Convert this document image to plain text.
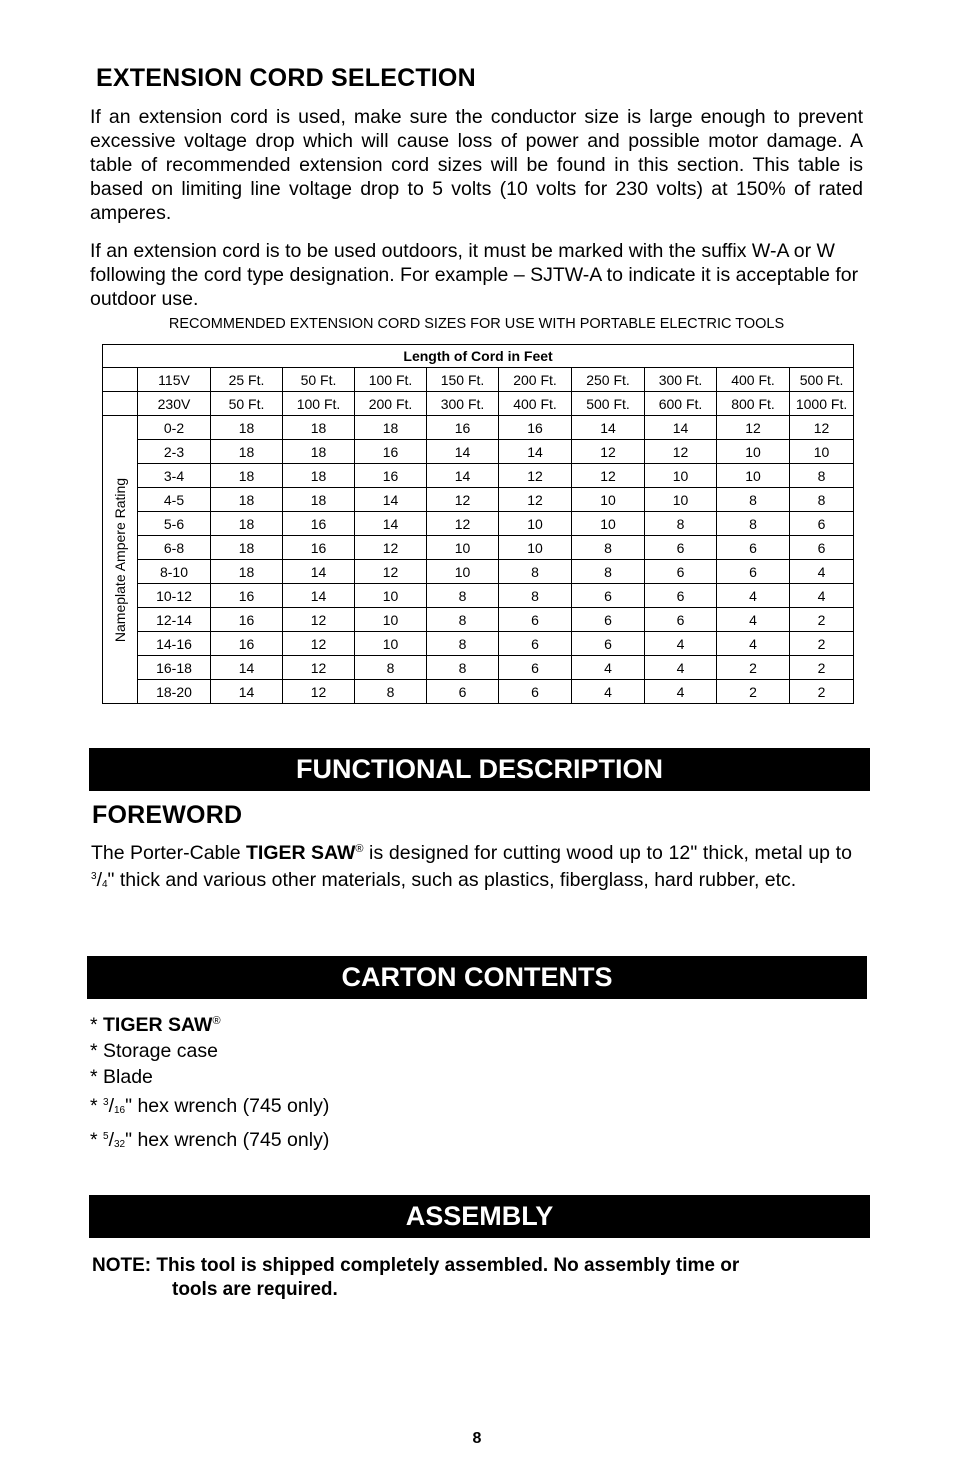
EXTENSION CORD SELECTION
If an extension cord is used, make sure the conductor size is large enough to prevent excessive voltage drop which will cause loss of power and possible motor damage. A table of recommended extension cord sizes will be found in this section. This table is based on limiting line voltage drop to 5 volts (10 volts for 230 volts) at 150% of rated amperes.
If an extension cord is to be used outdoors, it must be marked with the suffix W-A or W following the cord type designation. For example – SJTW-A to indicate it is acceptable for outdoor use.
RECOMMENDED EXTENSION CORD SIZES FOR USE WITH PORTABLE ELECTRIC TOOLS
Length of Cord in Feet										
	115V	25 Ft.	50 Ft.	100 Ft.	150 Ft.	200 Ft.	250 Ft.	300 Ft.	400 Ft.	500 Ft.
	230V	50 Ft.	100 Ft.	200 Ft.	300 Ft.	400 Ft.	500 Ft.	600 Ft.	800 Ft.	1000 Ft.

Nameplate Ampere Rating	0-2	18	18	18	16	16	14	14	12	12
	2-3	18	18	16	14	14	12	12	10	10
	3-4	18	18	16	14	12	12	10	10	8
	4-5	18	18	14	12	12	10	10	8	8
	5-6	18	16	14	12	10	10	8	8	6
	6-8	18	16	12	10	10	8	6	6	6
	8-10	18	14	12	10	8	8	6	6	4
	10-12	16	14	10	8	8	6	6	4	4
	12-14	16	12	10	8	6	6	6	4	2
	14-16	16	12	10	8	6	6	4	4	2
	16-18	14	12	8	8	6	4	4	2	2
	18-20	14	12	8	6	6	4	4	2	2
FUNCTIONAL DESCRIPTION
FOREWORD
The Porter-Cable TIGER SAW® is designed for cutting wood up to 12" thick, metal up to $^3/_4$" thick and various other materials, such as plastics, fiberglass, hard rubber, etc.
CARTON CONTENTS
* TIGER SAW®
* Storage case
* Blade
* $^3/_{16}$" hex wrench (745 only)
* $^5/_{32}$" hex wrench (745 only)
ASSEMBLY
NOTE: This tool is shipped completely assembled. No assembly time or
tools are required.
8
